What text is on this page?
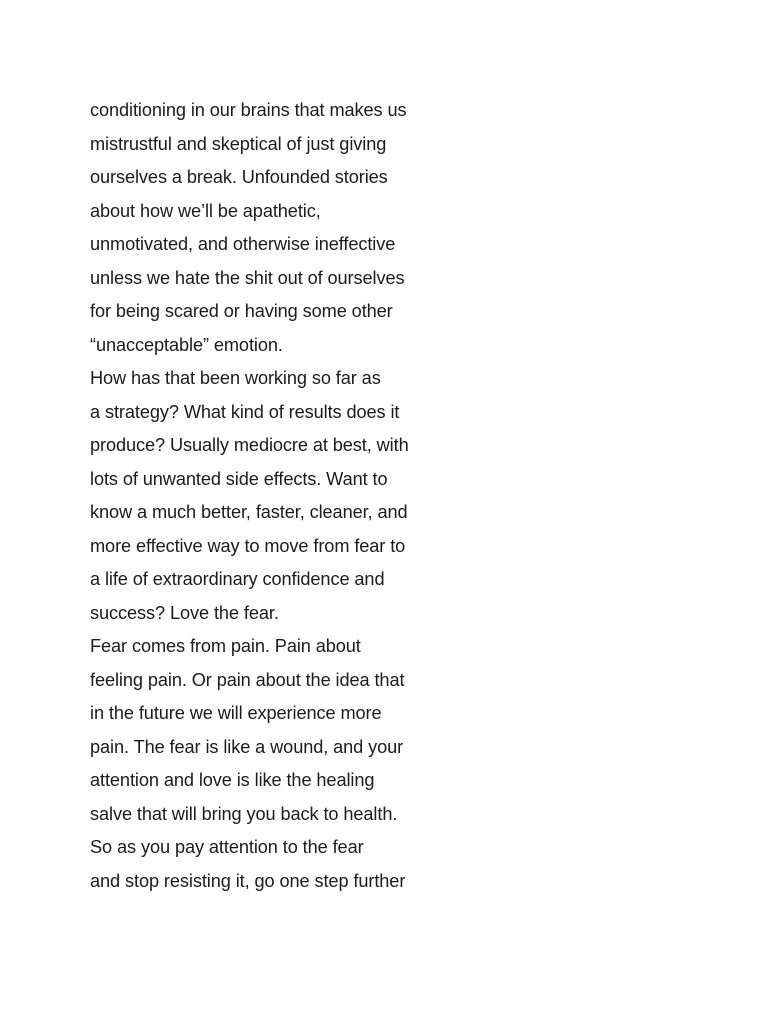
conditioning in our brains that makes us
mistrustful and skeptical of just giving
ourselves a break. Unfounded stories
about how we’ll be apathetic,
unmotivated, and otherwise ineffective
unless we hate the shit out of ourselves
for being scared or having some other
“unacceptable” emotion.
How has that been working so far as
a strategy? What kind of results does it
produce? Usually mediocre at best, with
lots of unwanted side effects. Want to
know a much better, faster, cleaner, and
more effective way to move from fear to
a life of extraordinary confidence and
success? Love the fear.
Fear comes from pain. Pain about
feeling pain. Or pain about the idea that
in the future we will experience more
pain. The fear is like a wound, and your
attention and love is like the healing
salve that will bring you back to health.
So as you pay attention to the fear
and stop resisting it, go one step further
